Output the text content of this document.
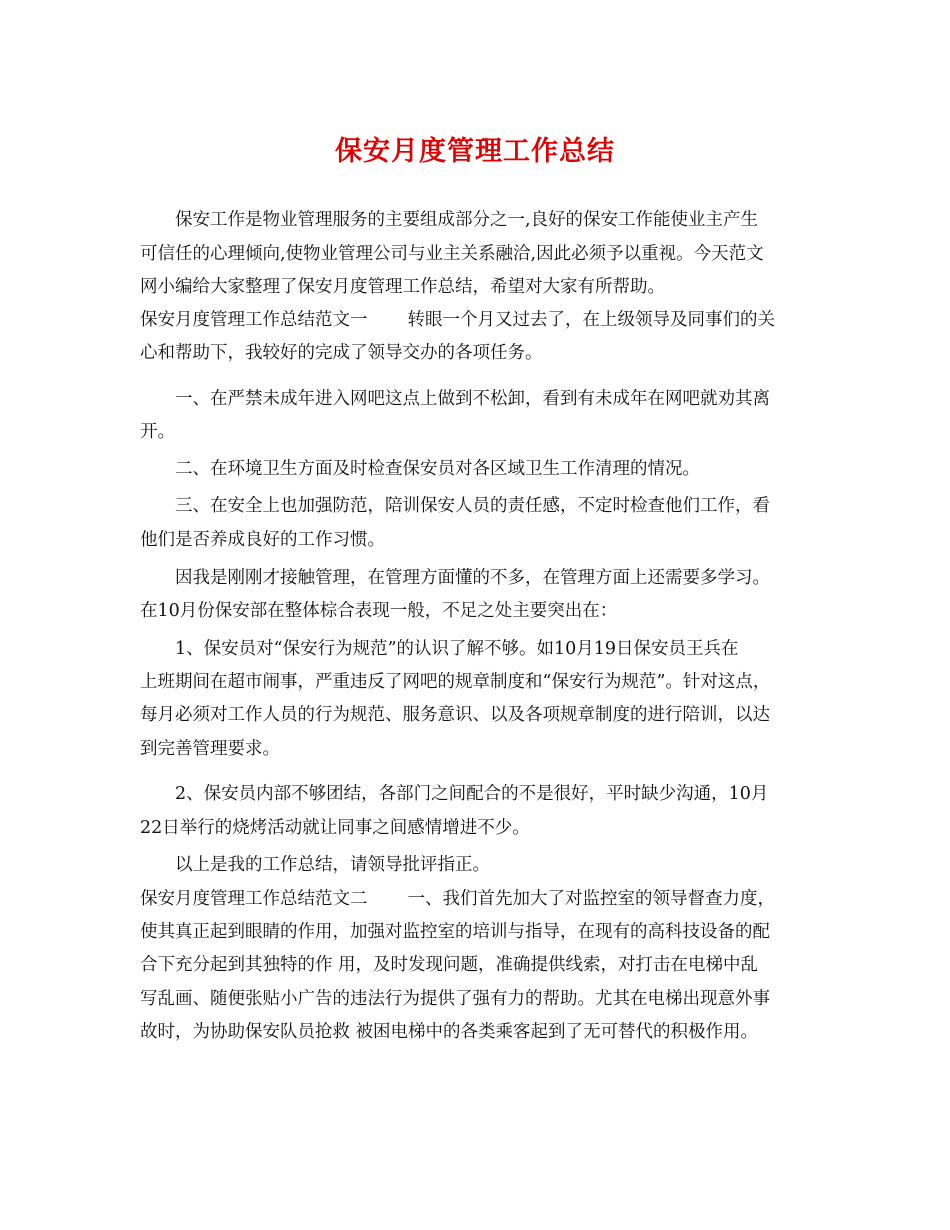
保安月度管理工作总结
　　保安工作是物业管理服务的主要组成部分之一,良好的保安工作能使业主产生
可信任的心理倾向,使物业管理公司与业主关系融洽,因此必须予以重视。今天范文
网小编给大家整理了保安月度管理工作总结，希望对大家有所帮助。
保安月度管理工作总结范文一 转眼一个月又过去了，在上级领导及同事们的关
心和帮助下，我较好的完成了领导交办的各项任务。
　　一、在严禁未成年进入网吧这点上做到不松卸，看到有未成年在网吧就劝其离
开。
　　二、在环境卫生方面及时检查保安员对各区域卫生工作清理的情况。
　　三、在安全上也加强防范，陪训保安人员的责任感，不定时检查他们工作，看
他们是否养成良好的工作习惯。
　　因我是刚刚才接触管理，在管理方面懂的不多，在管理方面上还需要多学习。
在10月份保安部在整体棕合表现一般，不足之处主要突出在：
　　1、保安员对“保安行为规范”的认识了解不够。如10月19日保安员王兵在
上班期间在超市闹事，严重违反了网吧的规章制度和“保安行为规范”。针对这点，
每月必须对工作人员的行为规范、服务意识、以及各项规章制度的进行陪训，以达
到完善管理要求。
　　2、保安员内部不够团结，各部门之间配合的不是很好，平时缺少沟通，10月
22日举行的烧烤活动就让同事之间感情增进不少。
　　以上是我的工作总结，请领导批评指正。
保安月度管理工作总结范文二 一、我们首先加大了对监控室的领导督查力度，
使其真正起到眼睛的作用，加强对监控室的培训与指导，在现有的高科技设备的配
合下充分起到其独特的作 用，及时发现问题，准确提供线索，对打击在电梯中乱
写乱画、随便张贴小广告的违法行为提供了强有力的帮助。尤其在电梯出现意外事
故时，为协助保安队员抢救 被困电梯中的各类乘客起到了无可替代的积极作用。
